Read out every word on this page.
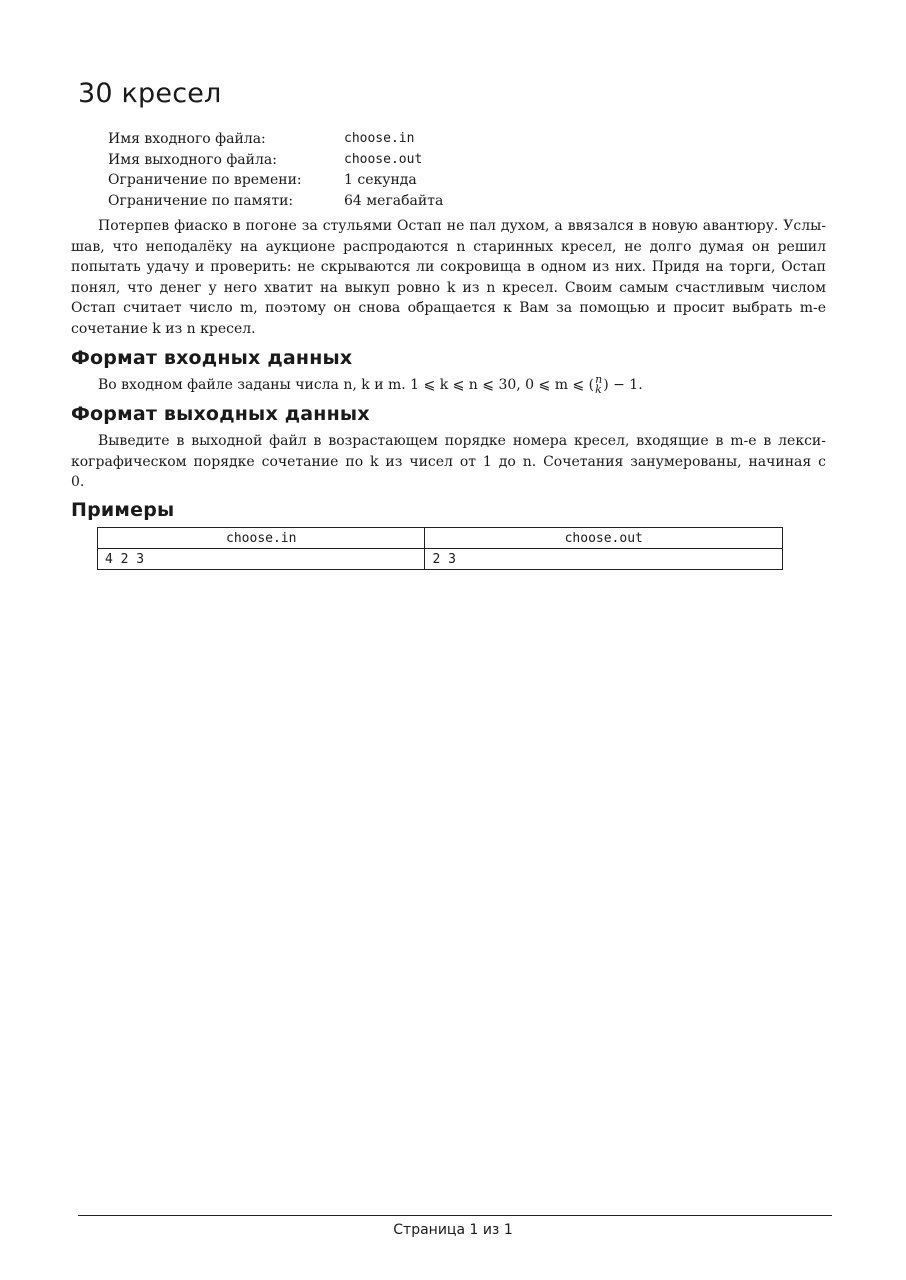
30 кресел
Имя входного файла:	choose.in
Имя выходного файла:	choose.out
Ограничение по времени:	1 секунда
Ограничение по памяти:	64 мегабайта
Потерпев фиаско в погоне за стульями Остап не пал духом, а ввязался в новую авантюру. Услы-
шав, что неподалёку на аукционе распродаются n старинных кресел, не долго думая он решил
попытать удачу и проверить: не скрываются ли сокровища в одном из них. Придя на торги, Остап
понял, что денег у него хватит на выкуп ровно k из n кресел. Своим самым счастливым числом
Остап считает число m, поэтому он снова обращается к Вам за помощью и просит выбрать m-е
сочетание k из n кресел.
Формат входных данных
Во входном файле заданы числа n, k и m. 1 ⩽ k ⩽ n ⩽ 30, 0 ⩽ m ⩽ ( n
k ) − 1.
Формат выходных данных
Выведите в выходной файл в возрастающем порядке номера кресел, входящие в m-е в лекси-
кографическом порядке сочетание по k из чисел от 1 до n. Сочетания занумерованы, начиная с
0.
Примеры
choose.in	choose.out
4 2 3	2 3
Страница 1 из 1
